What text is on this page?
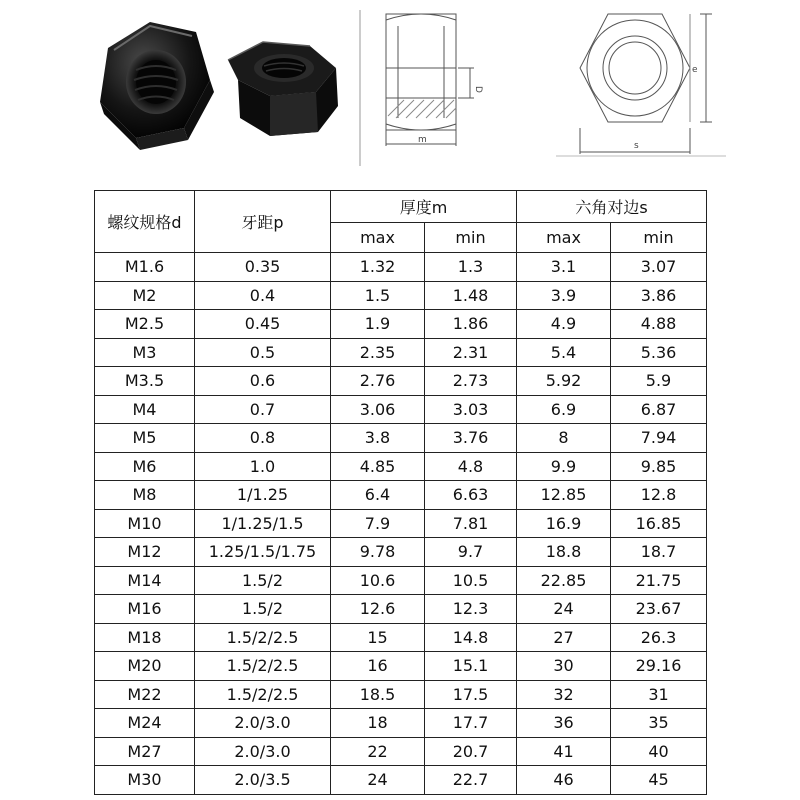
D
m
e
s
螺纹规格d	牙距p	厚度m		六角对边s	
		max	min	max	min
M1.6	0.35	1.32	1.3	3.1	3.07
M2	0.4	1.5	1.48	3.9	3.86
M2.5	0.45	1.9	1.86	4.9	4.88
M3	0.5	2.35	2.31	5.4	5.36
M3.5	0.6	2.76	2.73	5.92	5.9
M4	0.7	3.06	3.03	6.9	6.87
M5	0.8	3.8	3.76	8	7.94
M6	1.0	4.85	4.8	9.9	9.85
M8	1/1.25	6.4	6.63	12.85	12.8
M10	1/1.25/1.5	7.9	7.81	16.9	16.85
M12	1.25/1.5/1.75	9.78	9.7	18.8	18.7
M14	1.5/2	10.6	10.5	22.85	21.75
M16	1.5/2	12.6	12.3	24	23.67
M18	1.5/2/2.5	15	14.8	27	26.3
M20	1.5/2/2.5	16	15.1	30	29.16
M22	1.5/2/2.5	18.5	17.5	32	31
M24	2.0/3.0	18	17.7	36	35
M27	2.0/3.0	22	20.7	41	40
M30	2.0/3.5	24	22.7	46	45
